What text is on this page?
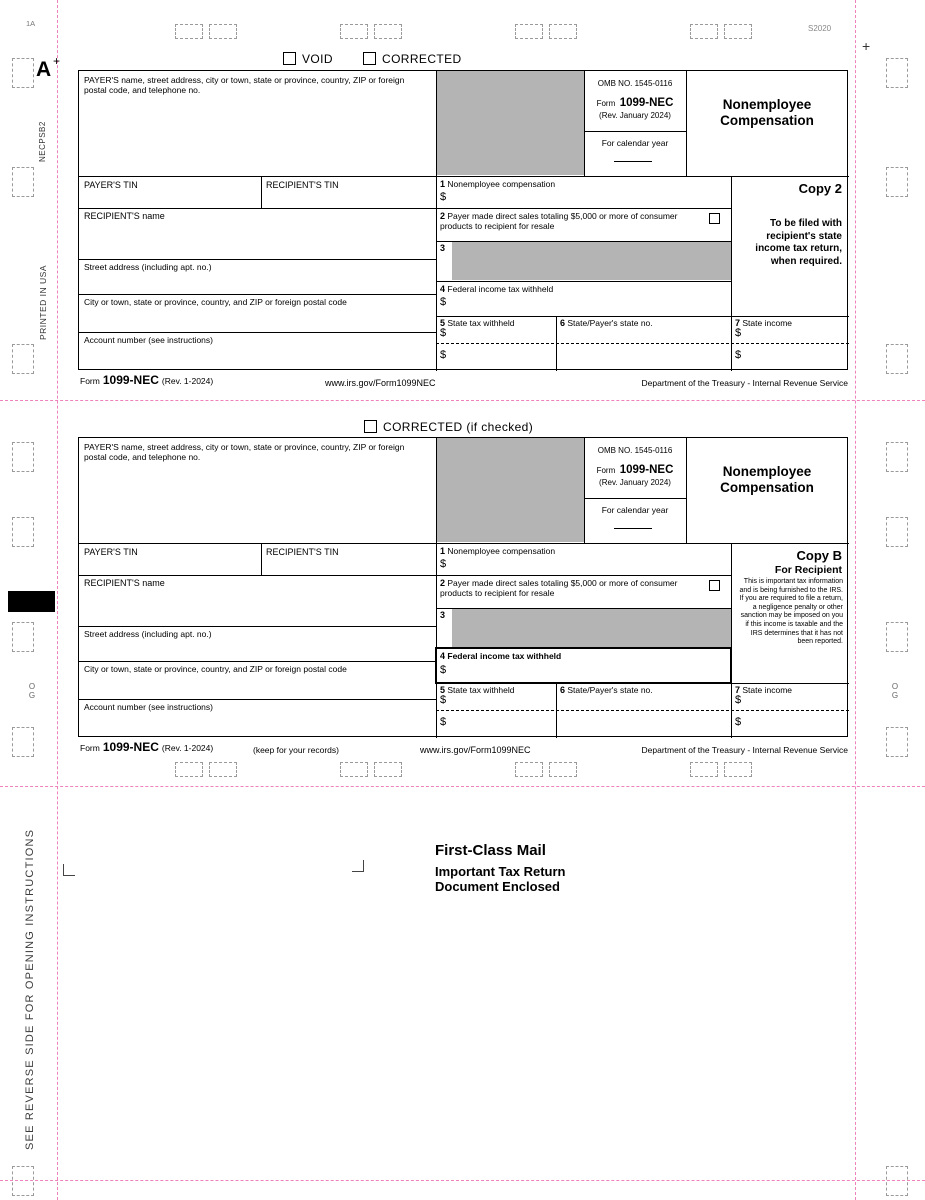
1A
A +
S2020
+
NECPSB2
PRINTED IN USA
O
G
O
G
SEE REVERSE SIDE FOR OPENING INSTRUCTIONS
VOID	CORRECTED
PAYER'S name, street address, city or town, state or province, country, ZIP or foreign postal code, and telephone no.
OMB NO. 1545-0116
Form 1099-NEC
(Rev. January 2024)
For calendar year
Nonemployee Compensation
PAYER'S TIN	RECIPIENT'S TIN	1 Nonemployee compensation
$
2 Payer made direct sales totaling $5,000 or more of consumer products to recipient for resale
3
4 Federal income tax withheld
$
RECIPIENT'S name
Street address (including apt. no.)
City or town, state or province, country, and ZIP or foreign postal code
Account number (see instructions)
5 State tax withheld
$
$
6 State/Payer's state no.	7 State income
$
$
Copy 2
To be filed with recipient's state income tax return, when required.
Form 1099-NEC (Rev. 1-2024)	www.irs.gov/Form1099NEC	Department of the Treasury - Internal Revenue Service
CORRECTED (if checked)
PAYER'S name, street address, city or town, state or province, country, ZIP or foreign postal code, and telephone no.
OMB NO. 1545-0116
Form 1099-NEC
(Rev. January 2024)
For calendar year
Nonemployee Compensation
PAYER'S TIN	RECIPIENT'S TIN	1 Nonemployee compensation
$
2 Payer made direct sales totaling $5,000 or more of consumer products to recipient for resale
3
4 Federal income tax withheld
$
RECIPIENT'S name
Street address (including apt. no.)
City or town, state or province, country, and ZIP or foreign postal code
Account number (see instructions)
5 State tax withheld
$
$
6 State/Payer's state no.	7 State income
$
$
Copy B
For Recipient
This is important tax information and is being furnished to the IRS. If you are required to file a return, a negligence penalty or other sanction may be imposed on you if this income is taxable and the IRS determines that it has not been reported.
Form 1099-NEC (Rev. 1-2024)	(keep for your records)	www.irs.gov/Form1099NEC	Department of the Treasury - Internal Revenue Service
First-Class Mail
Important Tax Return
Document Enclosed
